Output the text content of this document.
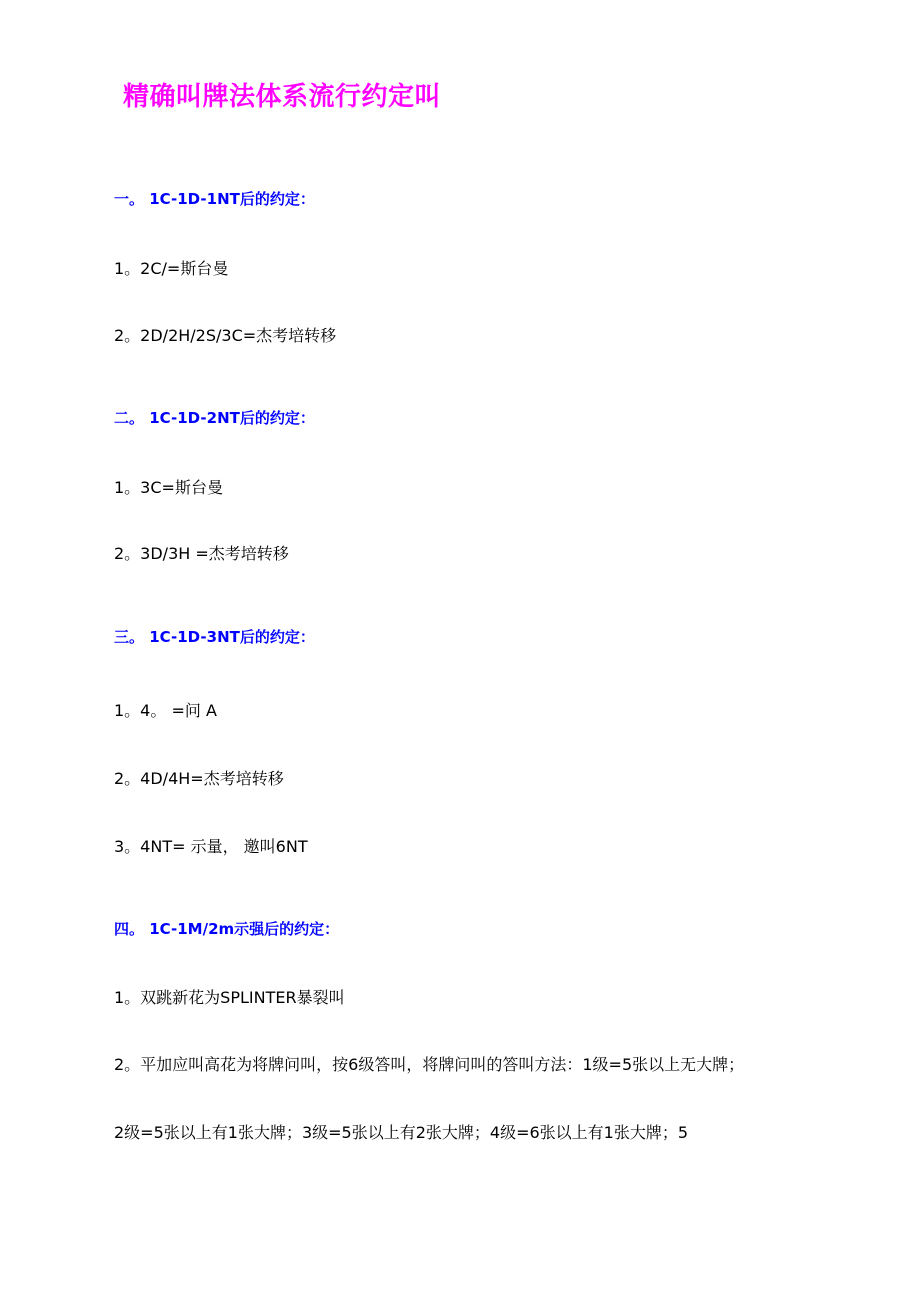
精确叫牌法体系流行约定叫
一。 1C-1D-1NT后的约定：
1。2C/=斯台曼
2。2D/2H/2S/3C=杰考培转移
二。 1C-1D-2NT后的约定：
1。3C=斯台曼
2。3D/3H =杰考培转移
三。 1C-1D-3NT后的约定：
1。4。 =问 A
2。4D/4H=杰考培转移
3。4NT= 示量， 邀叫6NT
四。 1C-1M/2m示强后的约定：
1。双跳新花为SPLINTER暴裂叫
2。平加应叫高花为将牌问叫，按6级答叫，将牌问叫的答叫方法：1级=5张以上无大牌；
2级=5张以上有1张大牌；3级=5张以上有2张大牌；4级=6张以上有1张大牌；5
